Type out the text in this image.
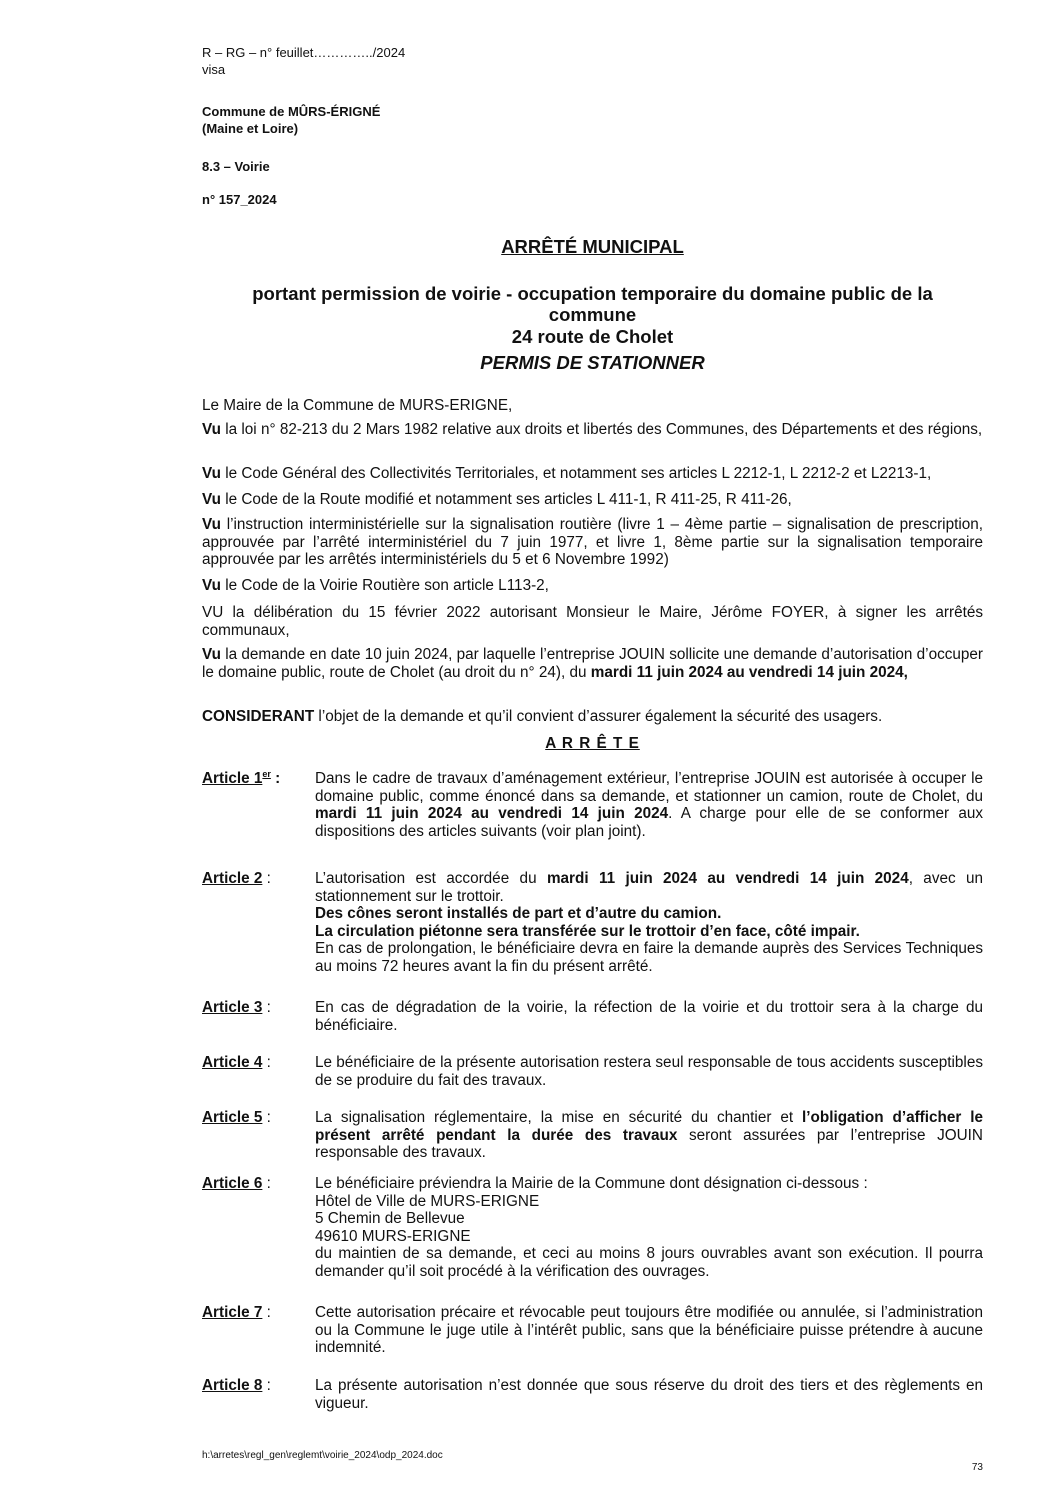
R – RG – n° feuillet…………../2024
visa
Commune de MÛRS-ÉRIGNÉ
(Maine et Loire)
8.3 – Voirie
n° 157_2024
ARRÊTÉ MUNICIPAL
portant permission de voirie - occupation temporaire du domaine public de la
commune
24 route de Cholet
PERMIS DE STATIONNER
Le Maire de la Commune de MURS-ERIGNE,
Vu la loi n° 82-213 du 2 Mars 1982 relative aux droits et libertés des Communes, des Départements et des régions,
Vu le Code Général des Collectivités Territoriales, et notamment ses articles L 2212-1, L 2212-2 et L2213-1,
Vu le Code de la Route modifié et notamment ses articles L 411-1, R 411-25, R 411-26,
Vu l’instruction interministérielle sur la signalisation routière (livre 1 – 4ème partie – signalisation de prescription, approuvée par l’arrêté interministériel du 7 juin 1977, et livre 1, 8ème partie sur la signalisation temporaire approuvée par les arrêtés interministériels du 5 et 6 Novembre 1992)
Vu le Code de la Voirie Routière son article L113-2,
VU la délibération du 15 février 2022 autorisant Monsieur le Maire, Jérôme FOYER, à signer les arrêtés communaux,
Vu la demande en date 10 juin 2024, par laquelle l’entreprise JOUIN sollicite une demande d’autorisation d’occuper le domaine public, route de Cholet (au droit du n° 24), du mardi 11 juin 2024 au vendredi 14 juin 2024,
CONSIDERANT l’objet de la demande et qu’il convient d’assurer également la sécurité des usagers.
A R R Ê T E
Article 1er : Dans le cadre de travaux d’aménagement extérieur, l’entreprise JOUIN est autorisée à occuper le domaine public, comme énoncé dans sa demande, et stationner un camion, route de Cholet, du mardi 11 juin 2024 au vendredi 14 juin 2024. A charge pour elle de se conformer aux dispositions des articles suivants (voir plan joint).
Article 2 :	L’autorisation est accordée du mardi 11 juin 2024 au vendredi 14 juin 2024, avec un stationnement sur le trottoir.
Des cônes seront installés de part et d’autre du camion.
La circulation piétonne sera transférée sur le trottoir d’en face, côté impair.
En cas de prolongation, le bénéficiaire devra en faire la demande auprès des Services Techniques au moins 72 heures avant la fin du présent arrêté.
Article 3 :	En cas de dégradation de la voirie, la réfection de la voirie et du trottoir sera à la charge du bénéficiaire.
Article 4 :	Le bénéficiaire de la présente autorisation restera seul responsable de tous accidents susceptibles de se produire du fait des travaux.
Article 5 :	La signalisation réglementaire, la mise en sécurité du chantier et l’obligation d’afficher le présent arrêté pendant la durée des travaux seront assurées par l’entreprise JOUIN responsable des travaux.
Article 6 :	Le bénéficiaire préviendra la Mairie de la Commune dont désignation ci-dessous :
Hôtel de Ville de MURS-ERIGNE
5 Chemin de Bellevue
49610 MURS-ERIGNE
du maintien de sa demande, et ceci au moins 8 jours ouvrables avant son exécution. Il pourra demander qu’il soit procédé à la vérification des ouvrages.
Article 7 :	Cette autorisation précaire et révocable peut toujours être modifiée ou annulée, si l’administration ou la Commune le juge utile à l’intérêt public, sans que la bénéficiaire puisse prétendre à aucune indemnité.
Article 8 :	La présente autorisation n’est donnée que sous réserve du droit des tiers et des règlements en vigueur.
h:\arretes\regl_gen\reglemt\voirie_2024\odp_2024.doc
73
